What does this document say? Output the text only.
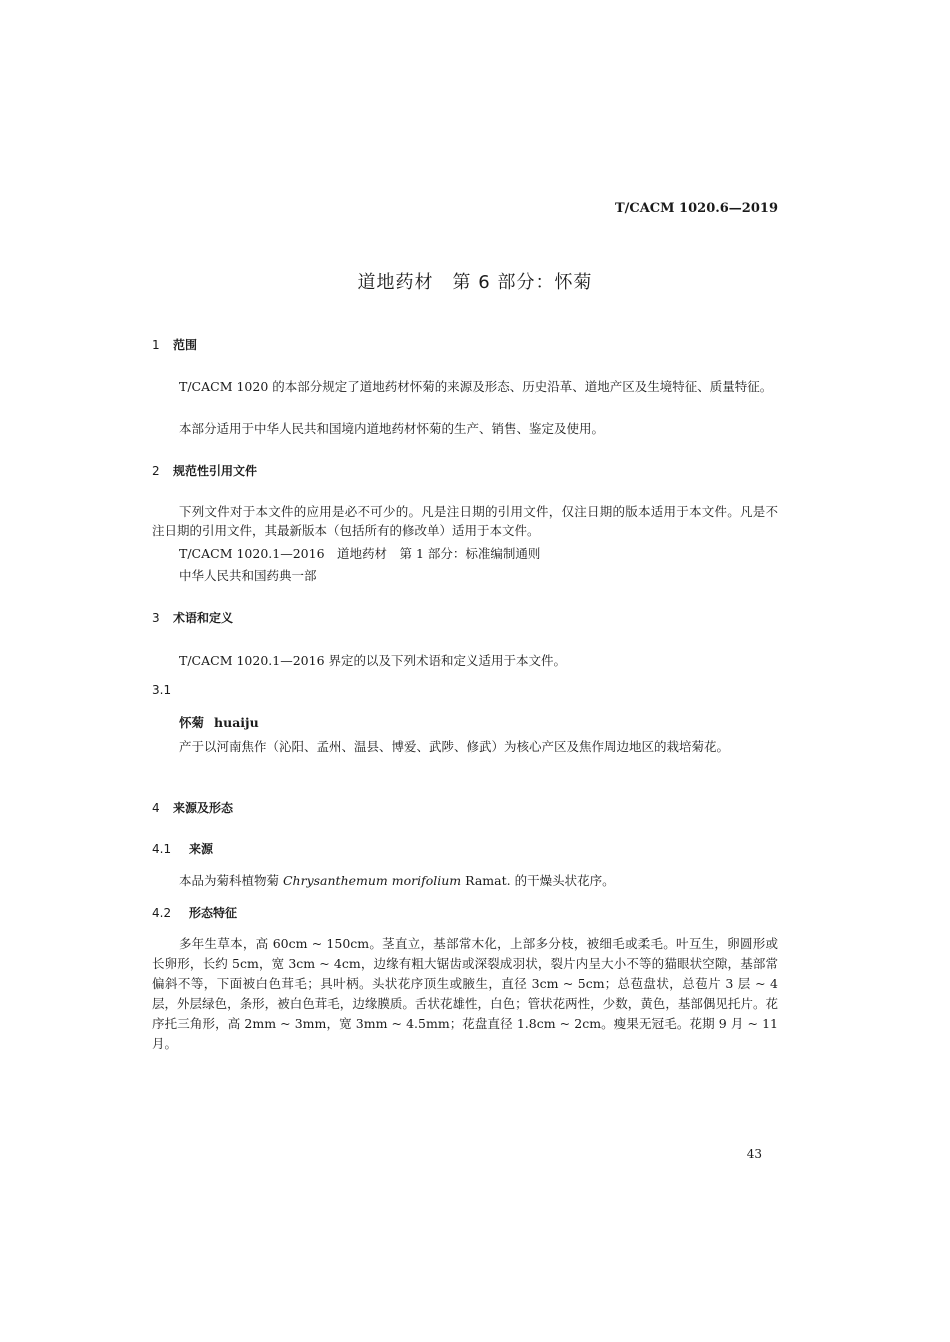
T/CACM 1020.6—2019
道地药材　第 6 部分：怀菊
1 范围
T/CACM 1020 的本部分规定了道地药材怀菊的来源及形态、历史沿革、道地产区及生境特征、质量特征。
本部分适用于中华人民共和国境内道地药材怀菊的生产、销售、鉴定及使用。
2 规范性引用文件
下列文件对于本文件的应用是必不可少的。凡是注日期的引用文件，仅注日期的版本适用于本文件。凡是不注日期的引用文件，其最新版本（包括所有的修改单）适用于本文件。
T/CACM 1020.1—2016　道地药材　第 1 部分：标准编制通则
中华人民共和国药典一部
3 术语和定义
T/CACM 1020.1—2016 界定的以及下列术语和定义适用于本文件。
3.1
怀菊 huaiju
产于以河南焦作（沁阳、孟州、温县、博爱、武陟、修武）为核心产区及焦作周边地区的栽培菊花。
4 来源及形态
4.1 来源
本品为菊科植物菊 Chrysanthemum morifolium Ramat. 的干燥头状花序。
4.2 形态特征
多年生草本，高 60cm ~ 150cm。茎直立，基部常木化，上部多分枝，被细毛或柔毛。叶互生，卵圆形或长卵形，长约 5cm，宽 3cm ~ 4cm，边缘有粗大锯齿或深裂成羽状，裂片内呈大小不等的猫眼状空隙，基部常偏斜不等，下面被白色茸毛；具叶柄。头状花序顶生或腋生，直径 3cm ~ 5cm；总苞盘状，总苞片 3 层 ~ 4 层，外层绿色，条形，被白色茸毛，边缘膜质。舌状花雄性，白色；管状花两性，少数，黄色，基部偶见托片。花序托三角形，高 2mm ~ 3mm，宽 3mm ~ 4.5mm；花盘直径 1.8cm ~ 2cm。瘦果无冠毛。花期 9 月 ~ 11 月。
43
